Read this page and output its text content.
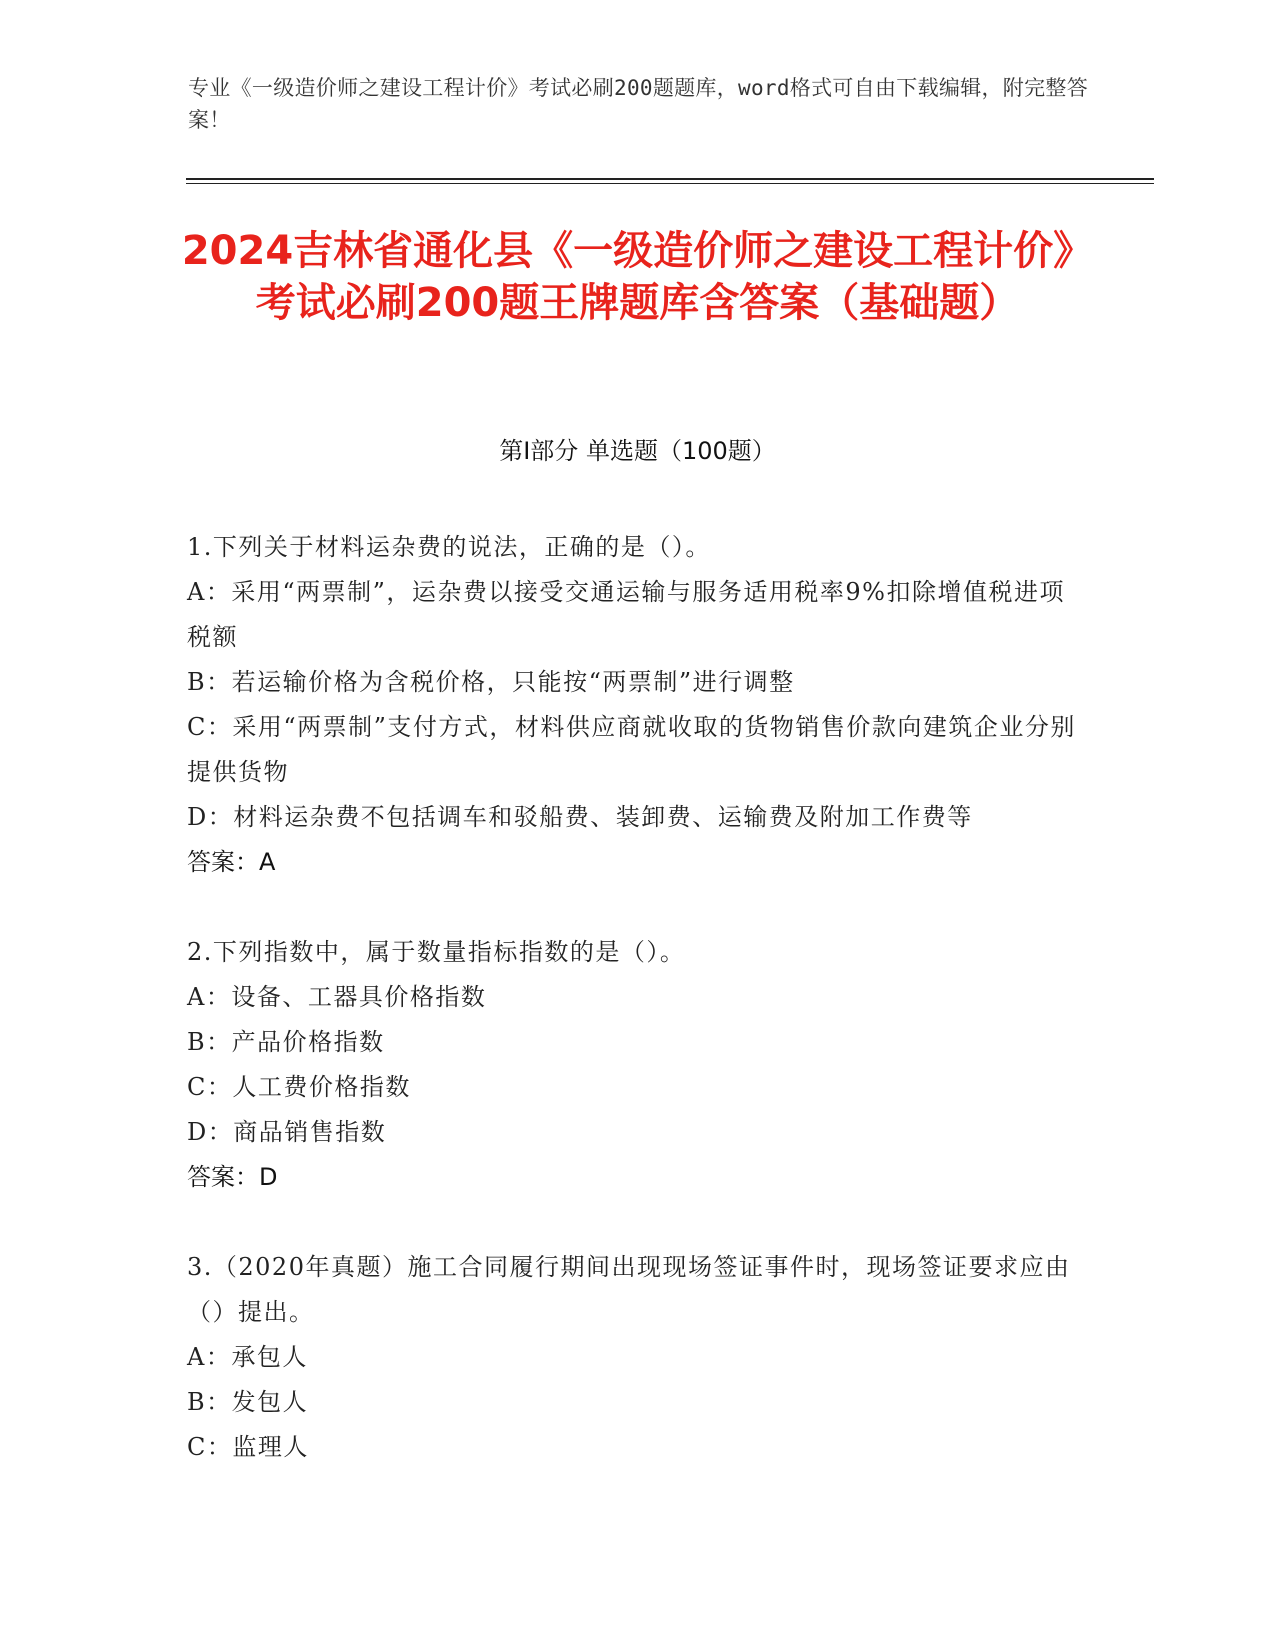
专业《一级造价师之建设工程计价》考试必刷200题题库，word格式可自由下载编辑，附完整答案！
2024吉林省通化县《一级造价师之建设工程计价》考试必刷200题王牌题库含答案（基础题）
第Ⅰ部分 单选题（100题）

1.下列关于材料运杂费的说法，正确的是（）。

A：采用“两票制”，运杂费以接受交通运输与服务适用税率9%扣除增值税进项税额

B：若运输价格为含税价格，只能按“两票制”进行调整

C：采用“两票制”支付方式，材料供应商就收取的货物销售价款向建筑企业分别提供货物

D：材料运杂费不包括调车和驳船费、装卸费、运输费及附加工作费等

答案：A

2.下列指数中，属于数量指标指数的是（）。

A：设备、工器具价格指数

B：产品价格指数

C：人工费价格指数

D：商品销售指数

答案：D

3.（2020年真题）施工合同履行期间出现现场签证事件时，现场签证要求应由（）提出。

A：承包人

B：发包人

C：监理人
